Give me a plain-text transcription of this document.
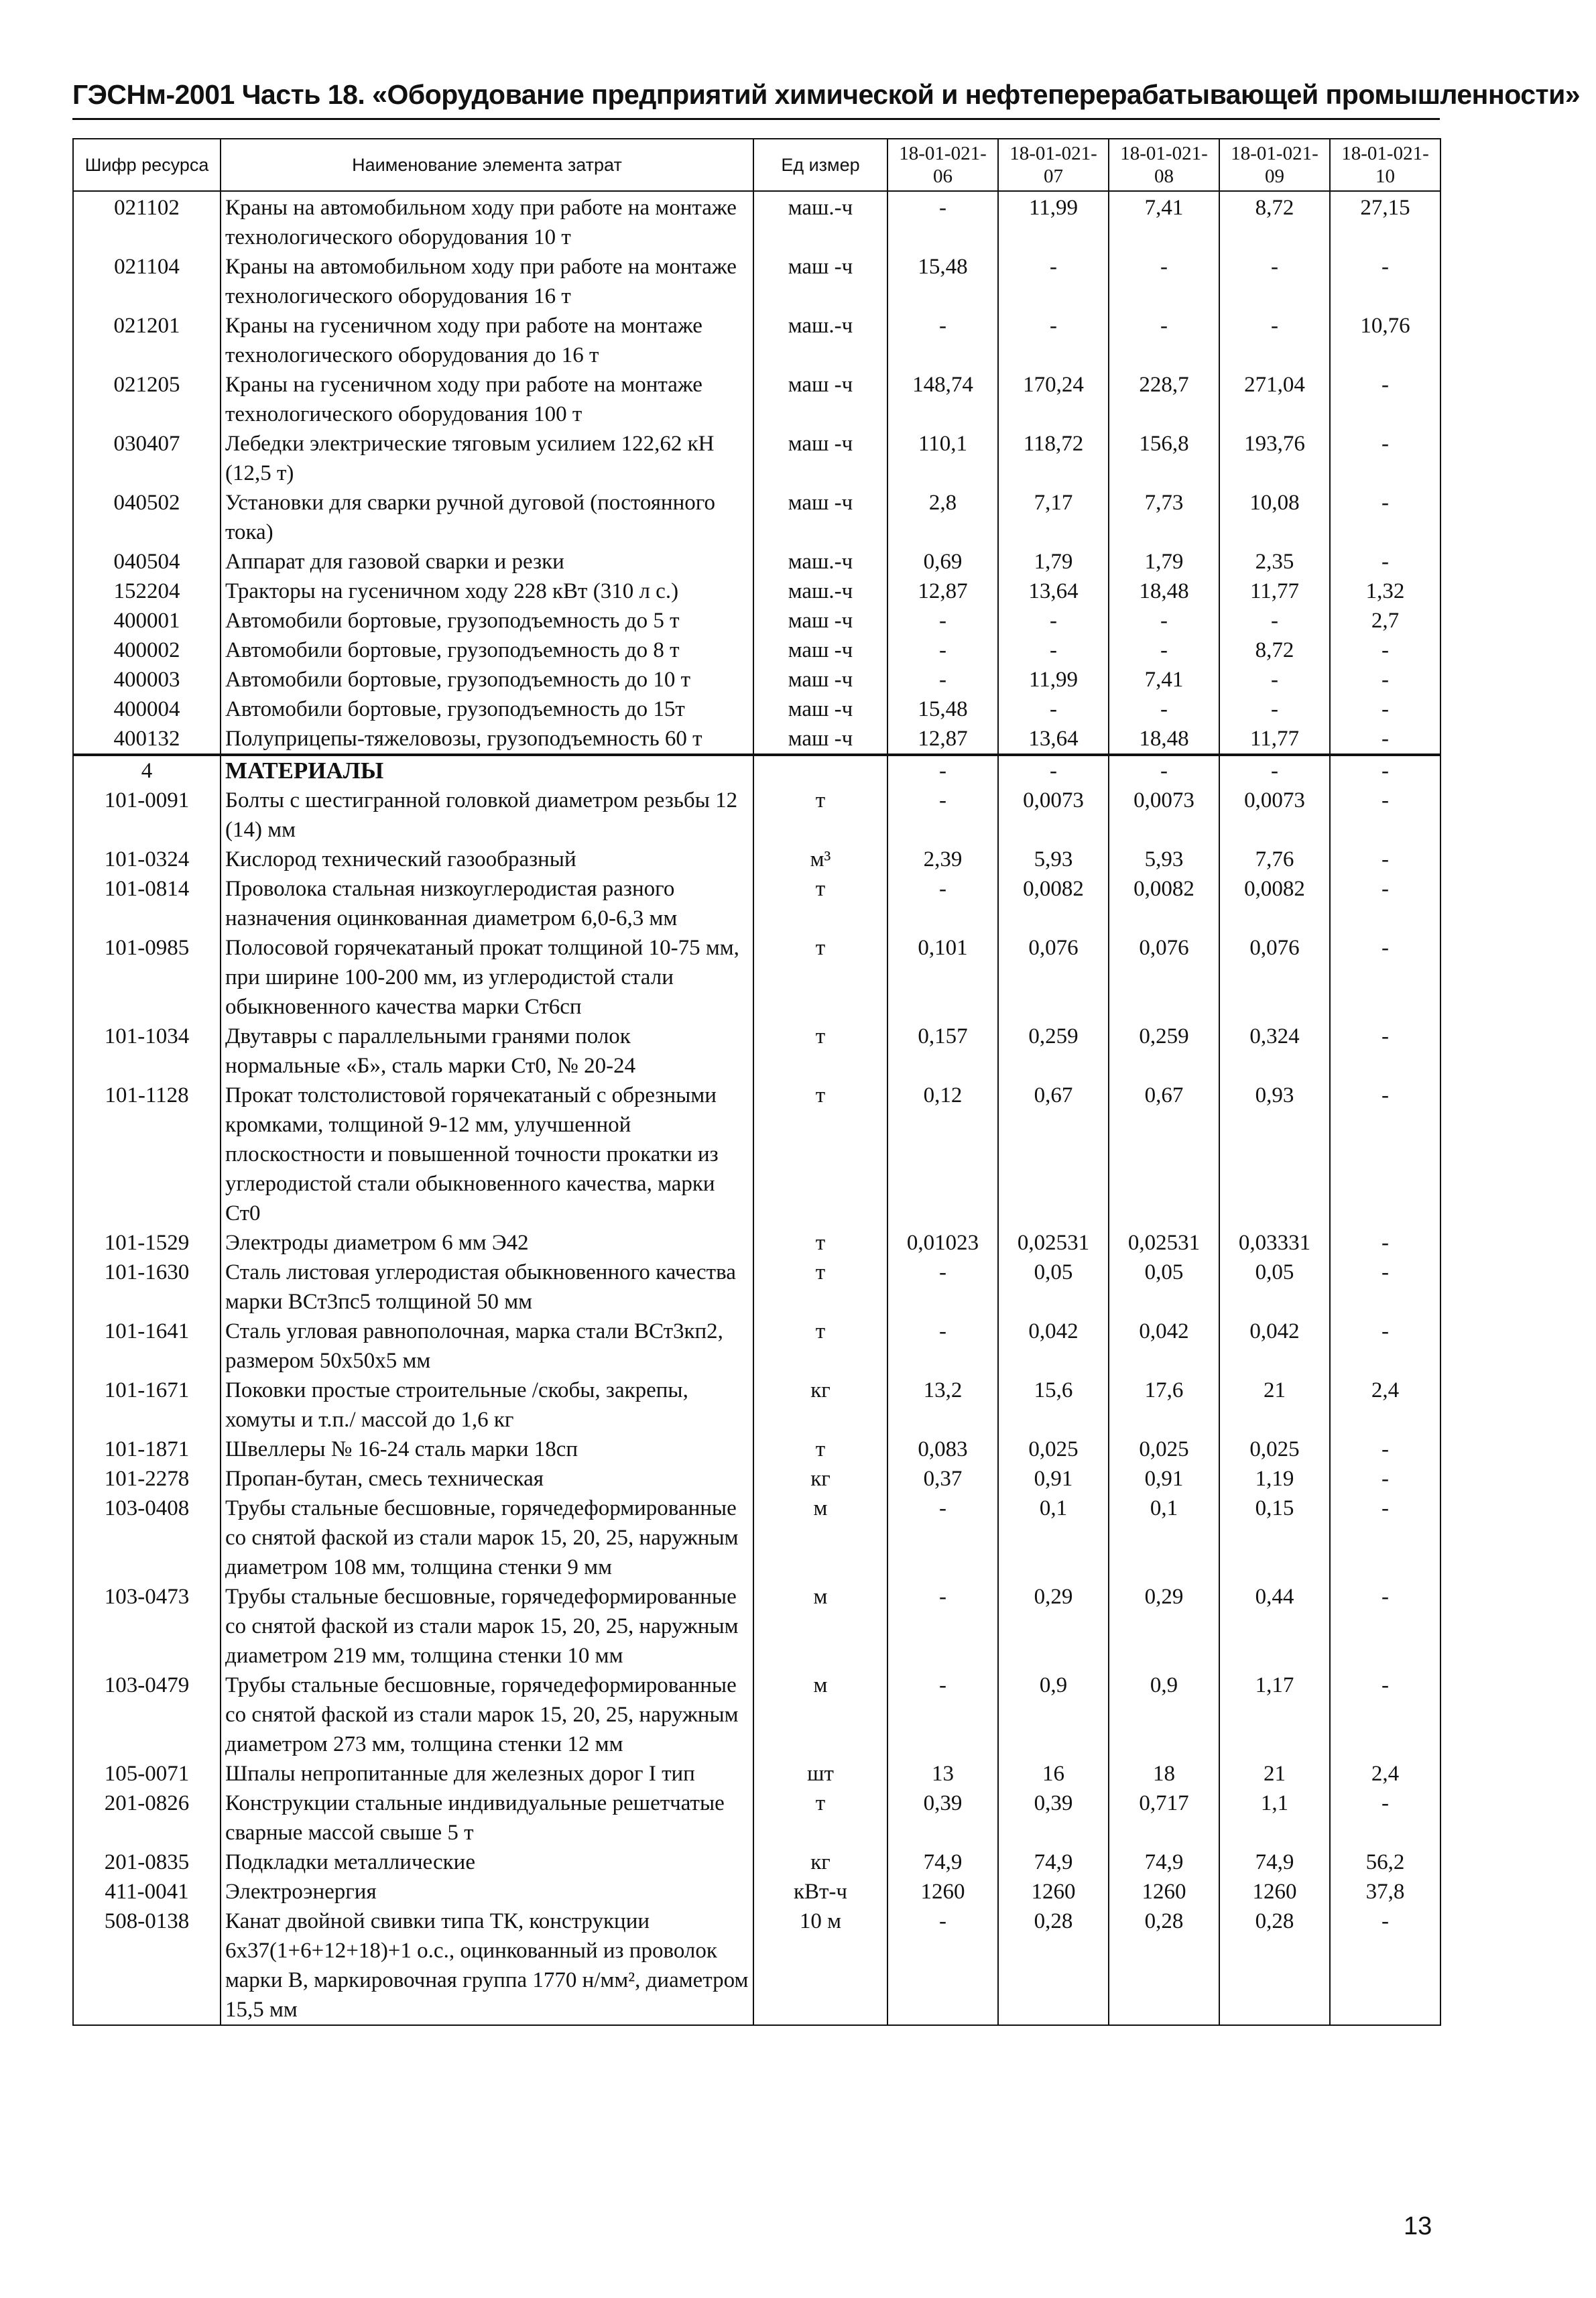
ГЭСНм-2001 Часть 18. «Оборудование предприятий химической и нефтеперерабатывающей промышленности»
Шифр ресурса	Наименование элемента затрат	Ед измер	18-01-021-06	18-01-021-07	18-01-021-08	18-01-021-09	18-01-021-10
021102	Краны на автомобильном ходу при работе на монтаже технологического оборудования 10 т	маш.-ч	-	11,99	7,41	8,72	27,15
021104	Краны на автомобильном ходу при работе на монтаже технологического оборудования 16 т	маш -ч	15,48	-	-	-	-
021201	Краны на гусеничном ходу при работе на монтаже технологического оборудования до 16 т	маш.-ч	-	-	-	-	10,76
021205	Краны на гусеничном ходу при работе на монтаже технологического оборудования 100 т	маш -ч	148,74	170,24	228,7	271,04	-
030407	Лебедки электрические тяговым усилием 122,62 кН (12,5 т)	маш -ч	110,1	118,72	156,8	193,76	-
040502	Установки для сварки ручной дуговой (постоянного тока)	маш -ч	2,8	7,17	7,73	10,08	-
040504	Аппарат для газовой сварки и резки	маш.-ч	0,69	1,79	1,79	2,35	-
152204	Тракторы на гусеничном ходу 228 кВт (310 л с.)	маш.-ч	12,87	13,64	18,48	11,77	1,32
400001	Автомобили бортовые, грузоподъемность до 5 т	маш -ч	-	-	-	-	2,7
400002	Автомобили бортовые, грузоподъемность до 8 т	маш -ч	-	-	-	8,72	-
400003	Автомобили бортовые, грузоподъемность до 10 т	маш -ч	-	11,99	7,41	-	-
400004	Автомобили бортовые, грузоподъемность до 15т	маш -ч	15,48	-	-	-	-
400132	Полуприцепы-тяжеловозы, грузоподъемность 60 т	маш -ч	12,87	13,64	18,48	11,77	-
4	МАТЕРИАЛЫ		-	-	-	-	-
101-0091	Болты с шестигранной головкой диаметром резьбы 12 (14) мм	т	-	0,0073	0,0073	0,0073	-
101-0324	Кислород технический газообразный	м³	2,39	5,93	5,93	7,76	-
101-0814	Проволока стальная низкоуглеродистая разного назначения оцинкованная диаметром 6,0-6,3 мм	т	-	0,0082	0,0082	0,0082	-
101-0985	Полосовой горячекатаный прокат толщиной 10-75 мм, при ширине 100-200 мм, из углеродистой стали обыкновенного качества марки Ст6сп	т	0,101	0,076	0,076	0,076	-
101-1034	Двутавры с параллельными гранями полок нормальные «Б», сталь марки Ст0, № 20-24	т	0,157	0,259	0,259	0,324	-
101-1128	Прокат толстолистовой горячекатаный с обрезными кромками, толщиной 9-12 мм, улучшенной плоскостности и повышенной точности прокатки из углеродистой стали обыкновенного качества, марки Ст0	т	0,12	0,67	0,67	0,93	-
101-1529	Электроды диаметром 6 мм Э42	т	0,01023	0,02531	0,02531	0,03331	-
101-1630	Сталь листовая углеродистая обыкновенного качества марки ВСт3пс5 толщиной 50 мм	т	-	0,05	0,05	0,05	-
101-1641	Сталь угловая равнополочная, марка стали ВСт3кп2, размером 50х50х5 мм	т	-	0,042	0,042	0,042	-
101-1671	Поковки простые строительные /скобы, закрепы, хомуты и т.п./ массой до 1,6 кг	кг	13,2	15,6	17,6	21	2,4
101-1871	Швеллеры № 16-24 сталь марки 18сп	т	0,083	0,025	0,025	0,025	-
101-2278	Пропан-бутан, смесь техническая	кг	0,37	0,91	0,91	1,19	-
103-0408	Трубы стальные бесшовные, горячедеформированные со снятой фаской из стали марок 15, 20, 25, наружным диаметром 108 мм, толщина стенки 9 мм	м	-	0,1	0,1	0,15	-
103-0473	Трубы стальные бесшовные, горячедеформированные со снятой фаской из стали марок 15, 20, 25, наружным диаметром 219 мм, толщина стенки 10 мм	м	-	0,29	0,29	0,44	-
103-0479	Трубы стальные бесшовные, горячедеформированные со снятой фаской из стали марок 15, 20, 25, наружным диаметром 273 мм, толщина стенки 12 мм	м	-	0,9	0,9	1,17	-
105-0071	Шпалы непропитанные для железных дорог I тип	шт	13	16	18	21	2,4
201-0826	Конструкции стальные индивидуальные решетчатые сварные массой свыше 5 т	т	0,39	0,39	0,717	1,1	-
201-0835	Подкладки металлические	кг	74,9	74,9	74,9	74,9	56,2
411-0041	Электроэнергия	кВт-ч	1260	1260	1260	1260	37,8
508-0138	Канат двойной свивки типа ТК, конструкции 6х37(1+6+12+18)+1 о.с., оцинкованный из проволок марки В, маркировочная группа 1770 н/мм², диаметром 15,5 мм	10 м	-	0,28	0,28	0,28	-
13
